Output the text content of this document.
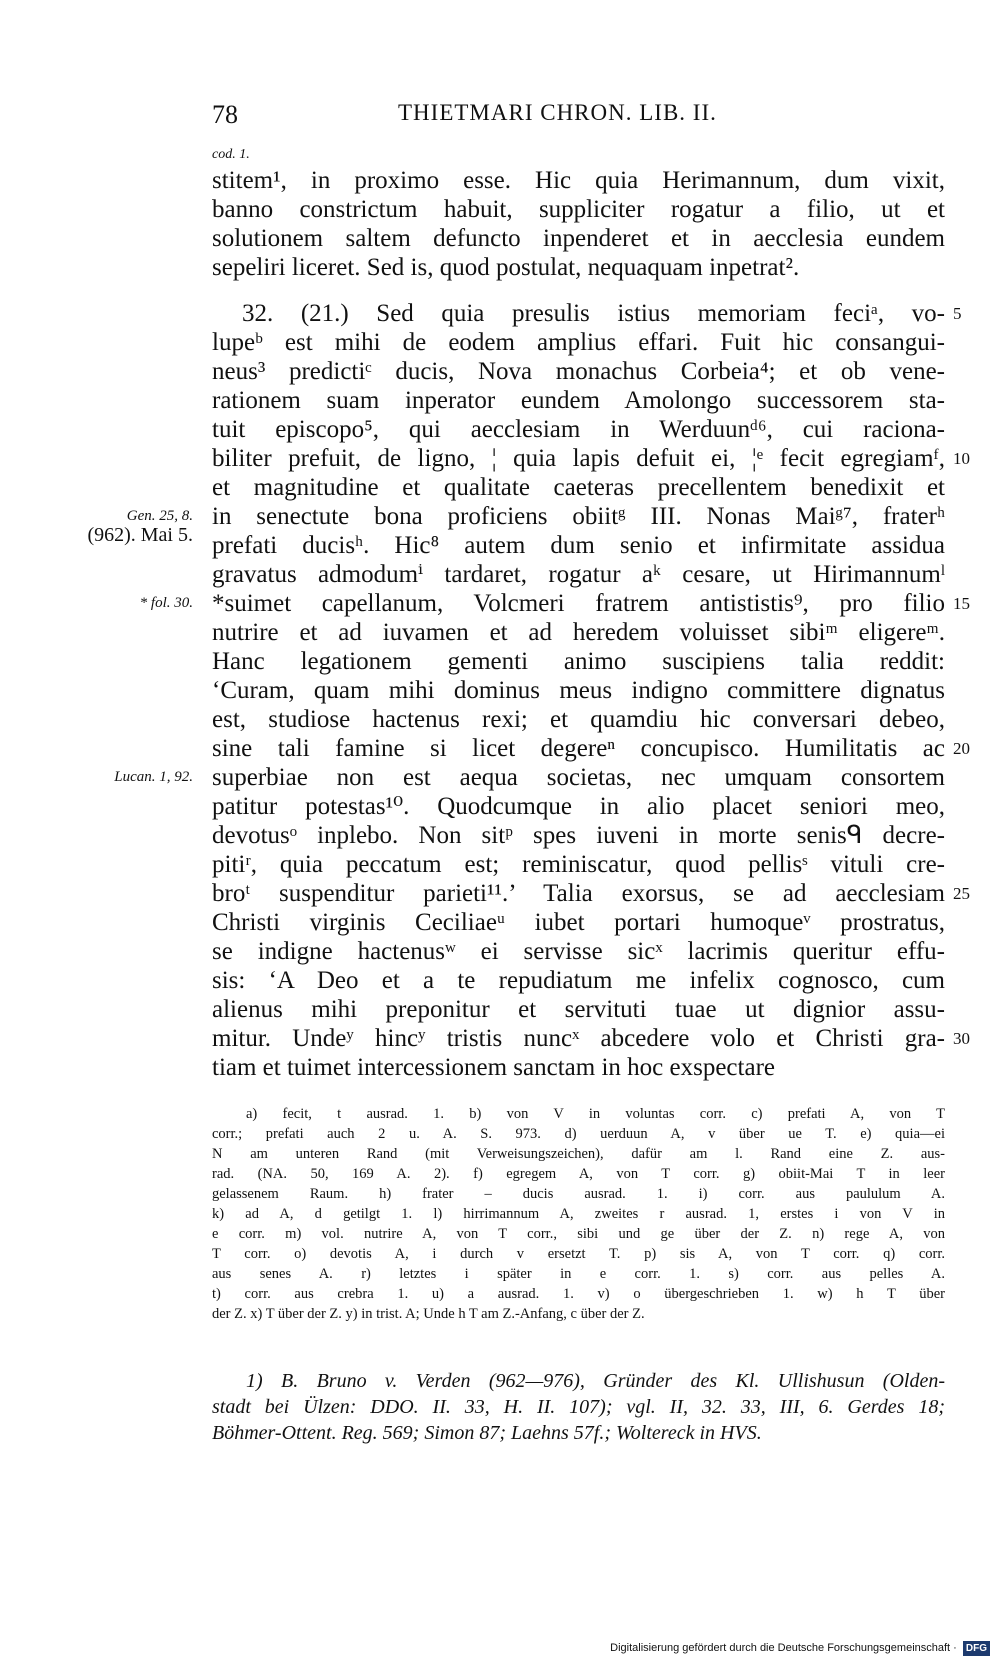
78	THIETMARI CHRON. LIB. II.
cod. 1.
stitem¹, in proximo esse. Hic quia Herimannum, dum vixit,
banno constrictum habuit, suppliciter rogatur a filio, ut et
solutionem saltem defuncto inpenderet et in aecclesia eundem
sepeliri liceret. Sed is, quod postulat, nequaquam inpetrat².
32. (21.) Sed quia presulis istius memoriam feciᵃ, vo-
lupeᵇ est mihi de eodem amplius effari. Fuit hic consangui-
neus³ predictiᶜ ducis, Nova monachus Corbeia⁴; et ob vene-
rationem suam inperator eundem Amolongo successorem sta-
tuit episcopo⁵, qui aecclesiam in Werduunᵈ⁶, cui raciona-
biliter prefuit, de ligno, ¦ quia lapis defuit ei, ¦ᵉ fecit egregiamᶠ,
et magnitudine et qualitate caeteras precellentem benedixit et
in senectute bona proficiens obiitᵍ III. Nonas Maiᵍ⁷, fraterʰ
prefati ducisʰ. Hic⁸ autem dum senio et infirmitate assidua
gravatus admodumⁱ tardaret, rogatur aᵏ cesare, ut Hirimannumˡ
*suimet capellanum, Volcmeri fratrem antististis⁹, pro filio
nutrire et ad iuvamen et ad heredem voluisset sibiᵐ eligereᵐ.
Hanc legationem gementi animo suscipiens talia reddit:
‘Curam, quam mihi dominus meus indigno committere dignatus
est, studiose hactenus rexi; et quamdiu hic conversari debeo,
sine tali famine si licet degereⁿ concupisco. Humilitatis ac
superbiae non est aequa societas, nec umquam consortem
patitur potestas¹⁰. Quodcumque in alio placet seniori meo,
devotusᵒ inplebo. Non sitᵖ spes iuveni in morte senisᑫ decre-
pitiʳ, quia peccatum est; reminiscatur, quod pellisˢ vituli cre-
broᵗ suspenditur parieti¹¹.’ Talia exorsus, se ad aecclesiam
Christi virginis Ceciliaeᵘ iubet portari humoqueᵛ prostratus,
se indigne hactenusʷ ei servisse sicˣ lacrimis queritur effu-
sis: ‘A Deo et a te repudiatum me infelix cognosco, cum
alienus mihi preponitur et servituti tuae ut dignior assu-
mitur. Undeʸ hincʸ tristis nuncˣ abcedere volo et Christi gra-
tiam et tuimet intercessionem sanctam in hoc exspectare
5
10
15
20
25
30
Gen. 25, 8.
(962). Mai 5.
* fol. 30.
Lucan. 1, 92.
a) fecit, t ausrad. 1. b) von V in voluntas corr. c) prefati A, von T
corr.; prefati auch 2 u. A. S. 973. d) uerduun A, v über ue T. e) quia—ei
N am unteren Rand (mit Verweisungszeichen), dafür am l. Rand eine Z. aus-
rad. (NA. 50, 169 A. 2). f) egregem A, von T corr. g) obiit-Mai T in leer
gelassenem Raum. h) frater – ducis ausrad. 1. i) corr. aus paululum A.
k) ad A, d getilgt 1. l) hirrimannum A, zweites r ausrad. 1, erstes i von V in
e corr. m) vol. nutrire A, von T corr., sibi und ge über der Z. n) rege A, von
T corr. o) devotis A, i durch v ersetzt T. p) sis A, von T corr. q) corr.
aus senes A. r) letztes i später in e corr. 1. s) corr. aus pelles A.
t) corr. aus crebra 1. u) a ausrad. 1. v) o übergeschrieben 1. w) h T über
der Z. x) T über der Z. y) in trist. A; Unde h T am Z.-Anfang, c über der Z.
1) B. Bruno v. Verden (962—976), Gründer des Kl. Ullishusun (Olden-
stadt bei Ülzen: DDO. II. 33, H. II. 107); vgl. II, 32. 33, III, 6. Gerdes 18;
Böhmer-Ottent. Reg. 569; Simon 87; Laehns 57f.; Woltereck in HVS.
Digitalisierung gefördert durch die Deutsche Forschungsgemeinschaft · DFG
